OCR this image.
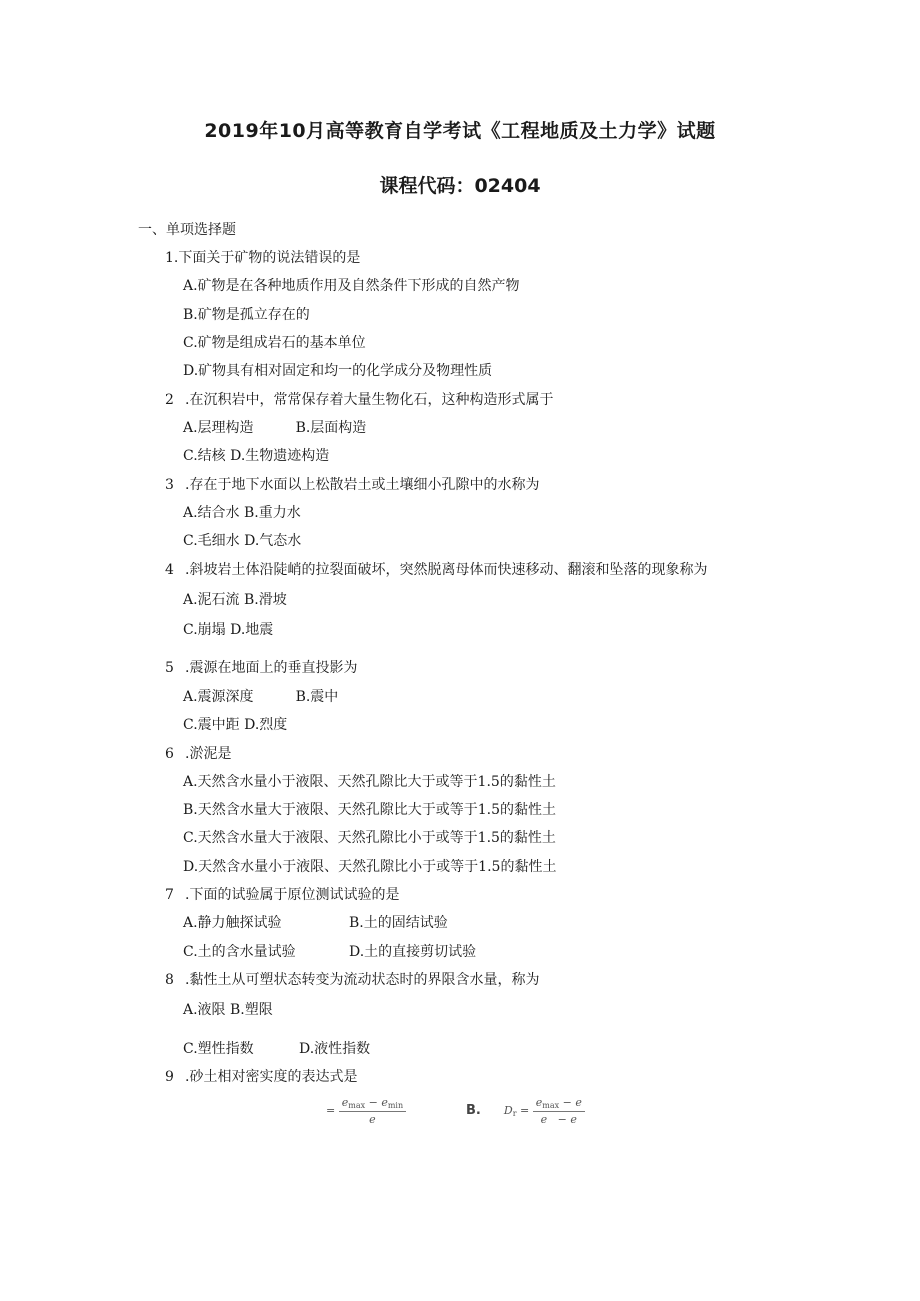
2019年10月高等教育自学考试《工程地质及土力学》试题
课程代码：02404
一、单项选择题
1.下面关于矿物的说法错误的是
A.矿物是在各种地质作用及自然条件下形成的自然产物
B.矿物是孤立存在的
C.矿物是组成岩石的基本单位
D.矿物具有相对固定和均一的化学成分及物理性质
2 .在沉积岩中，常常保存着大量生物化石，这种构造形式属于
A.层理构造	B.层面构造
C.结核 D.生物遗迹构造
3 .存在于地下水面以上松散岩土或土壤细小孔隙中的水称为
A.结合水 B.重力水
C.毛细水 D.气态水
4 .斜坡岩土体沿陡峭的拉裂面破坏，突然脱离母体而快速移动、翻滚和坠落的现象称为
A.泥石流 B.滑坡
C.崩塌 D.地震
5 .震源在地面上的垂直投影为
A.震源深度	B.震中
C.震中距 D.烈度
6 .淤泥是
A.天然含水量小于液限、天然孔隙比大于或等于1.5的黏性土
B.天然含水量大于液限、天然孔隙比大于或等于1.5的黏性土
C.天然含水量大于液限、天然孔隙比小于或等于1.5的黏性土
D.天然含水量小于液限、天然孔隙比小于或等于1.5的黏性土
7 .下面的试验属于原位测试试验的是
A.静力触探试验	B.土的固结试验
C.土的含水量试验	D.土的直接剪切试验
8 .黏性土从可塑状态转变为流动状态时的界限含水量，称为
A.液限 B.塑限
C.塑性指数	D.液性指数
9 .砂土相对密实度的表达式是
= $\frac{e_{max} - e_{min}}{e}$	B. $D_r = \frac{e_{max} - e}{e - e}$
